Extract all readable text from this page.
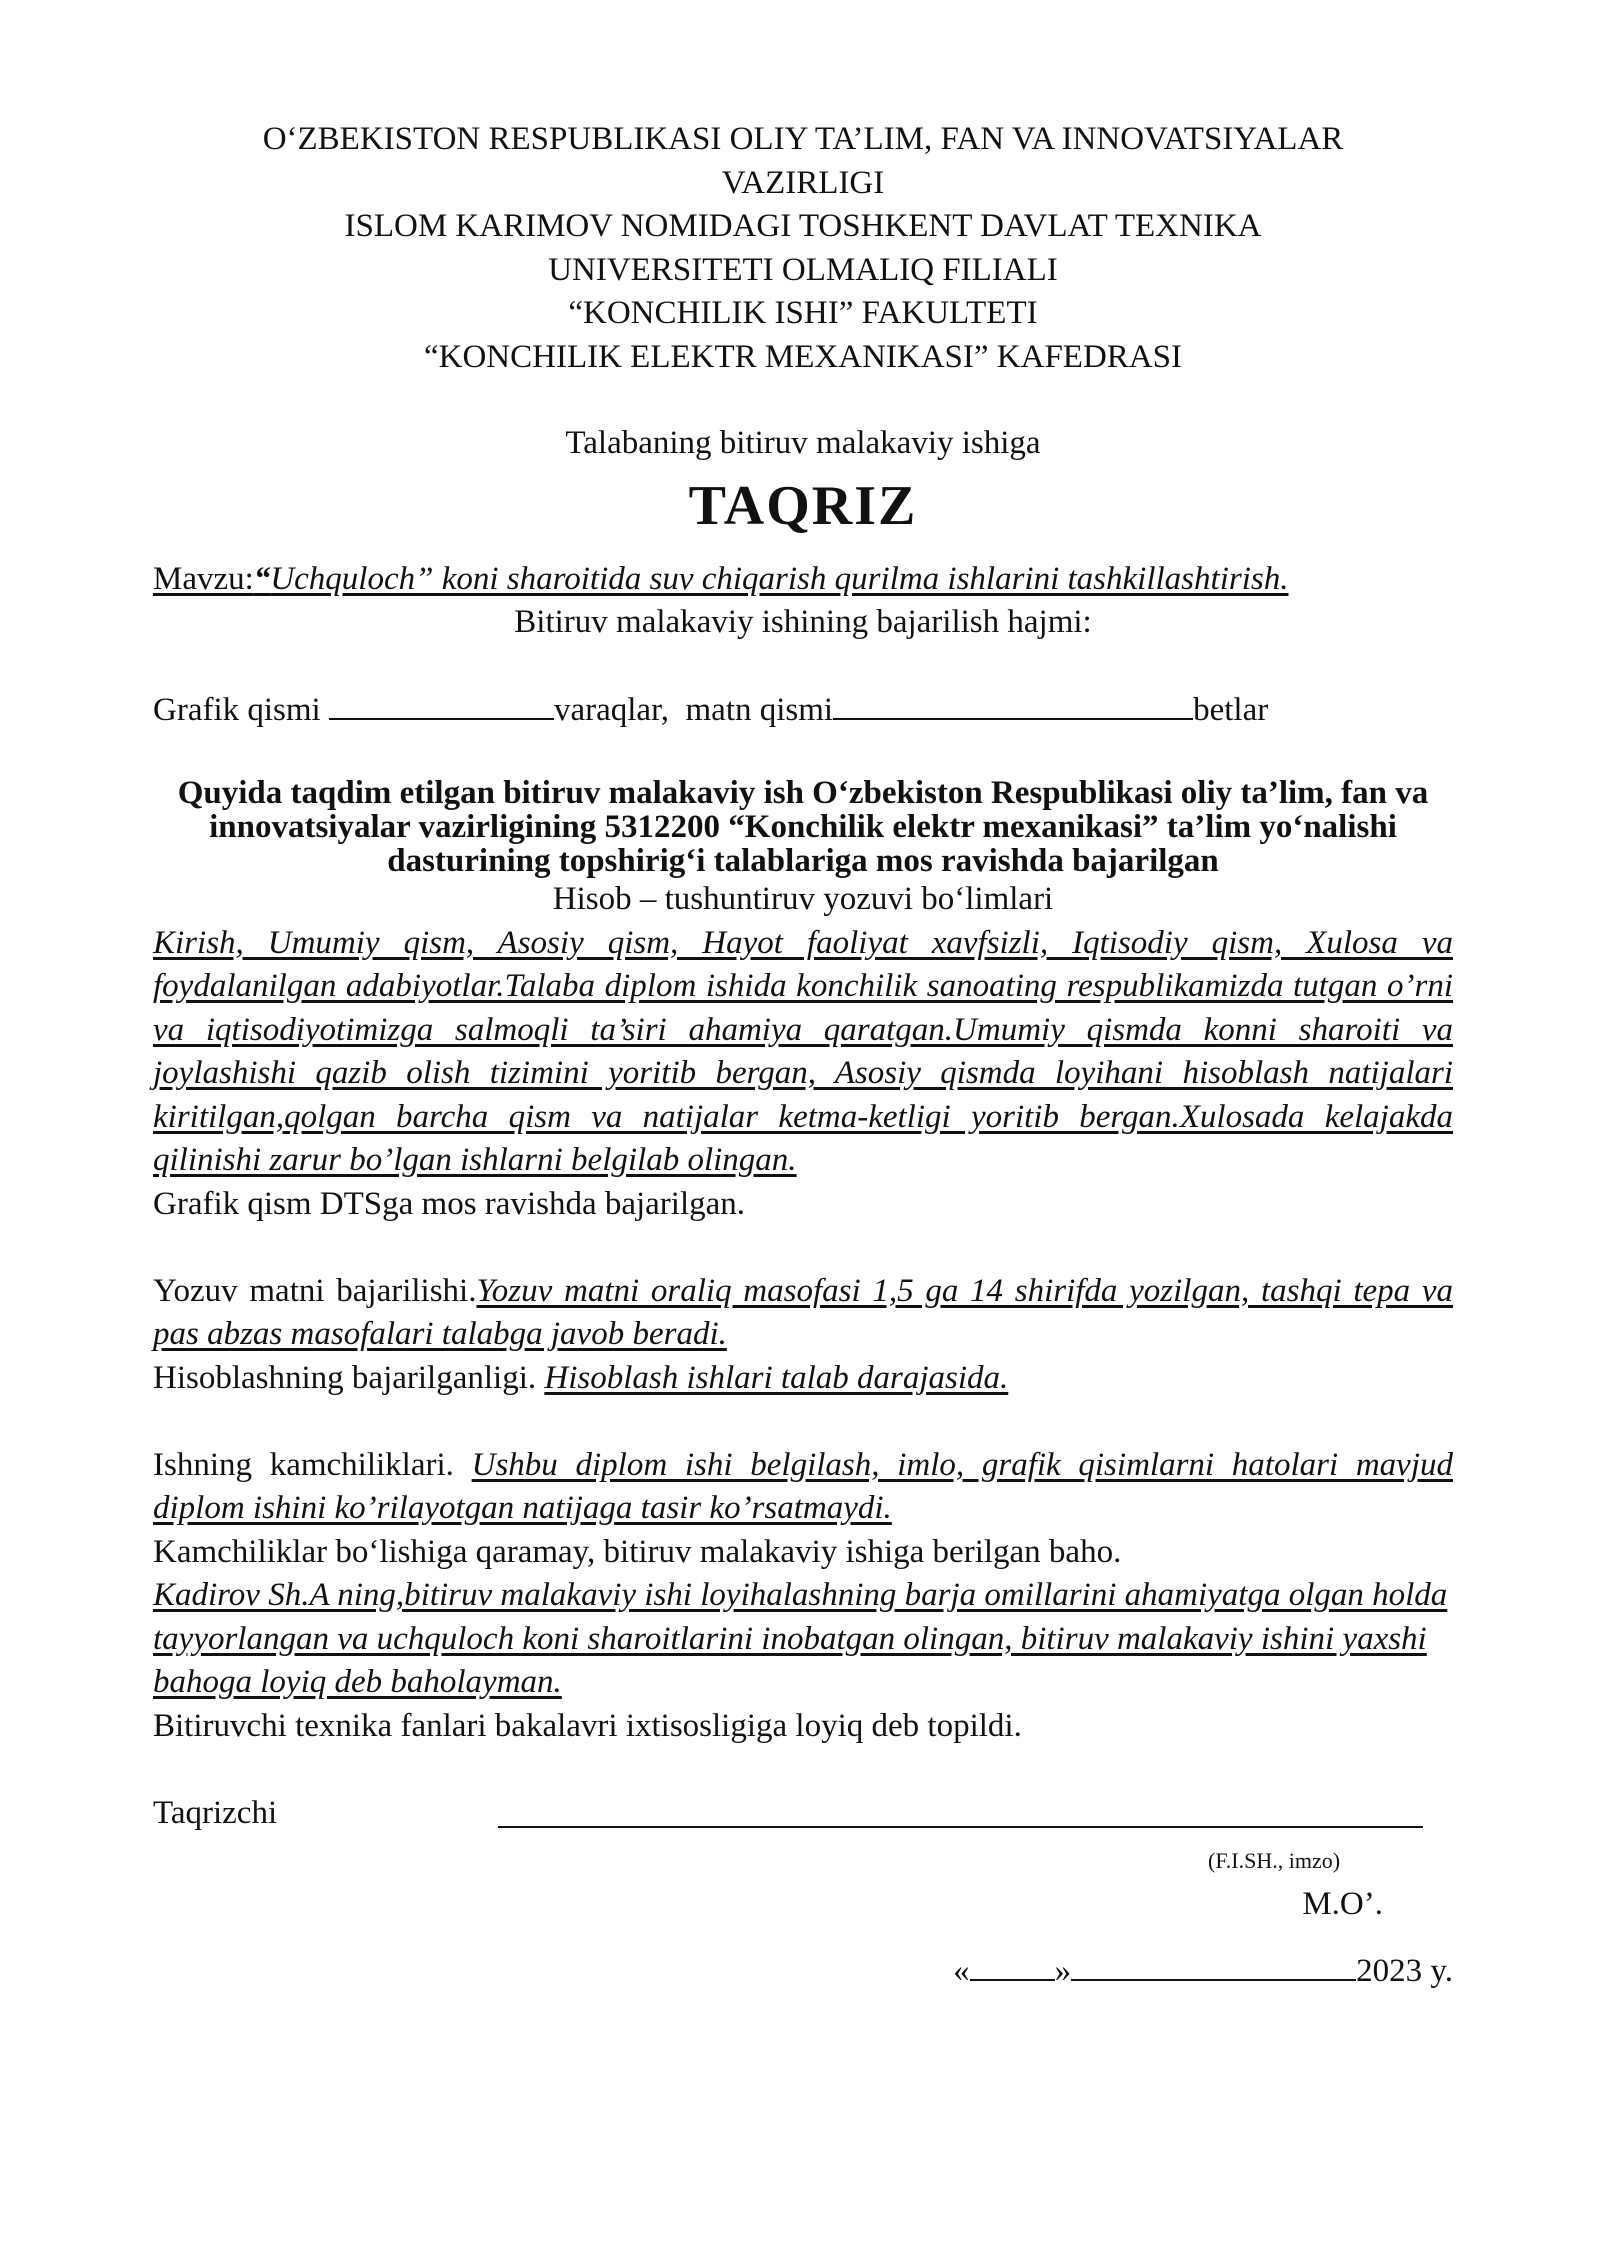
O‘ZBEKISTON RESPUBLIKASI OLIY TA’LIM, FAN VA INNOVATSIYALAR
VAZIRLIGI
ISLOM KARIMOV NOMIDAGI TOSHKENT DAVLAT TEXNIKA
UNIVERSITETI OLMALIQ FILIALI
“KONCHILIK ISHI” FAKULTETI
“KONCHILIK ELEKTR MEXANIKASI” KAFEDRASI
Talabaning bitiruv malakaviy ishiga
TAQRIZ
Mavzu:“Uchquloch” koni sharoitida suv chiqarish qurilma ishlarini tashkillashtirish.
Bitiruv malakaviy ishining bajarilish hajmi:
Grafik qismi	varaqlar, matn qismi	betlar
Quyida taqdim etilgan bitiruv malakaviy ish O‘zbekiston Respublikasi oliy ta’lim, fan va innovatsiyalar vazirligining 5312200 “Konchilik elektr mexanikasi” ta’lim yo‘nalishi dasturining topshirig‘i talablariga mos ravishda bajarilgan
Hisob – tushuntiruv yozuvi bo‘limlari
Kirish, Umumiy qism, Asosiy qism, Hayot faoliyat xavfsizli, Iqtisodiy qism, Xulosa va foydalanilgan adabiyotlar.Talaba diplom ishida konchilik sanoating respublikamizda tutgan o’rni va iqtisodiyotimizga salmoqli ta’siri ahamiya qaratgan.Umumiy qismda konni sharoiti va joylashishi qazib olish tizimini yoritib bergan, Asosiy qismda loyihani hisoblash natijalari kiritilgan,qolgan barcha qism va natijalar ketma-ketligi yoritib bergan.Xulosada kelajakda qilinishi zarur bo’lgan ishlarni belgilab olingan.
Grafik qism DTSga mos ravishda bajarilgan.
Yozuv matni bajarilishi.Yozuv matni oraliq masofasi 1,5 ga 14 shirifda yozilgan, tashqi tepa va pas abzas masofalari talabga javob beradi.
Hisoblashning bajarilganligi. Hisoblash ishlari talab darajasida.
Ishning kamchiliklari. Ushbu diplom ishi belgilash, imlo, grafik qisimlarni hatolari mavjud diplom ishini ko’rilayotgan natijaga tasir ko’rsatmaydi.
Kamchiliklar bo‘lishiga qaramay, bitiruv malakaviy ishiga berilgan baho.
Kadirov Sh.A ning,bitiruv malakaviy ishi loyihalashning barja omillarini ahamiyatga olgan holda tayyorlangan va uchquloch koni sharoitlarini inobatgan olingan, bitiruv malakaviy ishini yaxshi bahoga loyiq deb baholayman.
Bitiruvchi texnika fanlari bakalavri ixtisosligiga loyiq deb topildi.
Taqrizchi
(F.I.SH., imzo)
M.O’.
«	»	2023 y.
